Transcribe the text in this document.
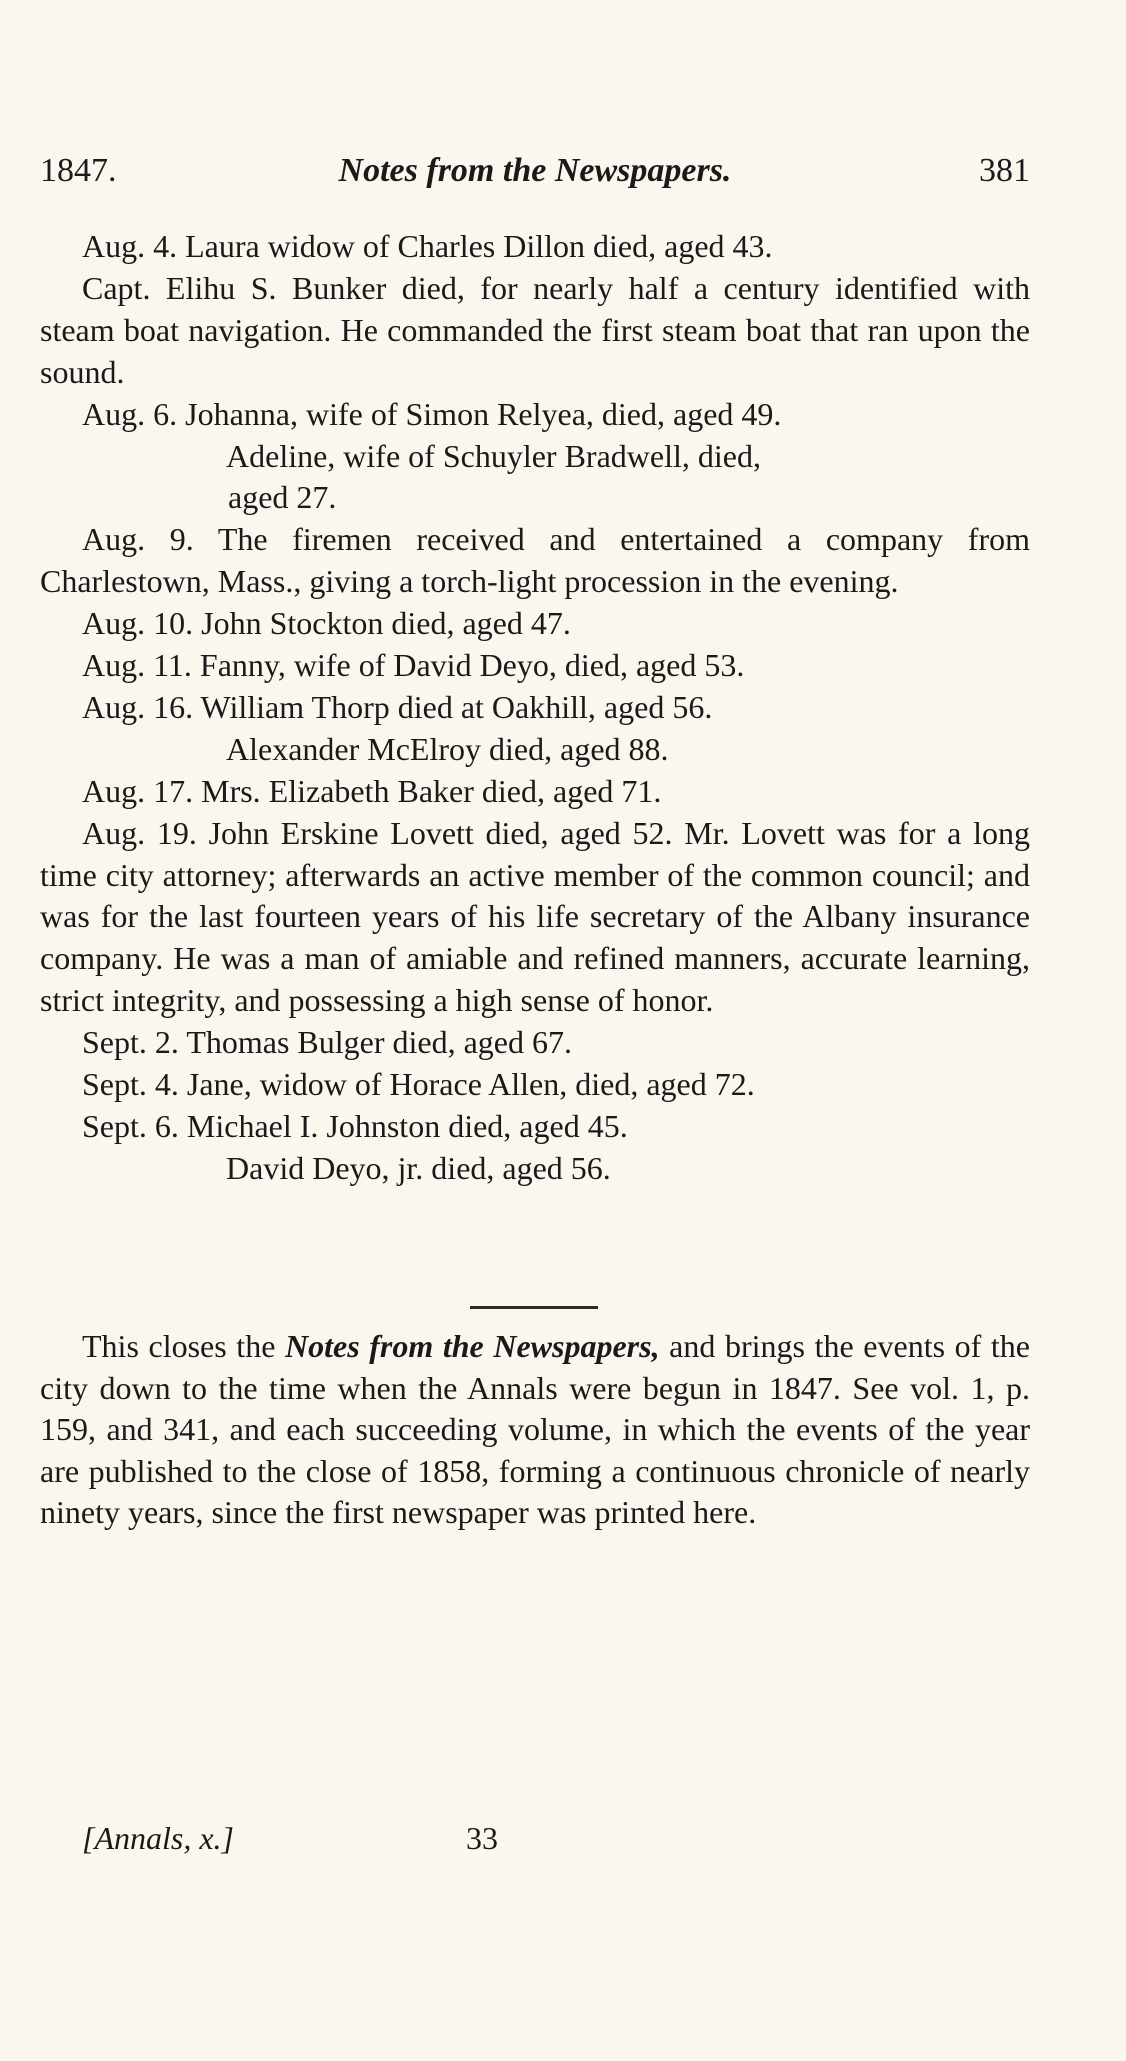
1847.	Notes from the Newspapers.	381

Aug. 4. Laura widow of Charles Dillon died, aged 43.

Capt. Elihu S. Bunker died, for nearly half a century identified with steam boat navigation. He commanded the first steam boat that ran upon the sound.

Aug. 6. Johanna, wife of Simon Relyea, died, aged 49.

Adeline, wife of Schuyler Bradwell, died,
aged 27.

Aug. 9. The firemen received and entertained a company from Charlestown, Mass., giving a torch-light procession in the evening.

Aug. 10. John Stockton died, aged 47.

Aug. 11. Fanny, wife of David Deyo, died, aged 53.

Aug. 16. William Thorp died at Oakhill, aged 56.

Alexander McElroy died, aged 88.

Aug. 17. Mrs. Elizabeth Baker died, aged 71.

Aug. 19. John Erskine Lovett died, aged 52. Mr. Lovett was for a long time city attorney; afterwards an active member of the common council; and was for the last fourteen years of his life secretary of the Albany insurance company. He was a man of amiable and refined manners, accurate learning, strict integrity, and possessing a high sense of honor.

Sept. 2. Thomas Bulger died, aged 67.

Sept. 4. Jane, widow of Horace Allen, died, aged 72.

Sept. 6. Michael I. Johnston died, aged 45.

David Deyo, jr. died, aged 56.

This closes the Notes from the Newspapers, and brings the events of the city down to the time when the Annals were begun in 1847. See vol. 1, p. 159, and 341, and each succeeding volume, in which the events of the year are published to the close of 1858, forming a continuous chronicle of nearly ninety years, since the first newspaper was printed here.

[Annals, x.]	33
